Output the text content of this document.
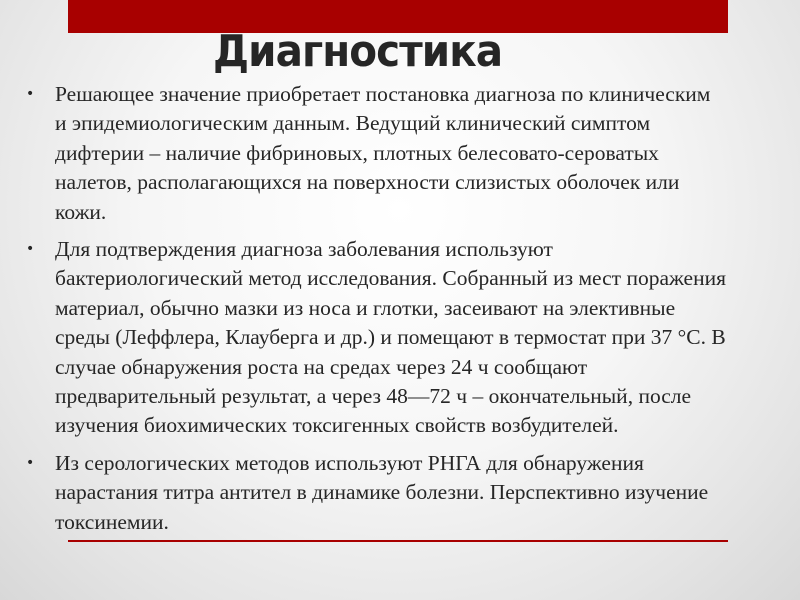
Диагностика
• Решающее значение приобретает постановка диагноза по клиническим и эпидемиологическим данным. Ведущий клинический симптом дифтерии – наличие фибриновых, плотных белесовато-сероватых налетов, располагающихся на поверхности слизистых оболочек или кожи.
• Для подтверждения диагноза заболевания используют бактериологический метод исследования. Собранный из мест поражения материал, обычно мазки из носа и глотки, засеивают на элективные среды (Леффлера, Клауберга и др.) и помещают в термостат при 37 °С. В случае обнаружения роста на средах через 24 ч сообщают предварительный результат, а через 48—72 ч – окончательный, после изучения биохимических токсигенных свойств возбудителей.
• Из серологических методов используют РНГА для обнаружения нарастания титра антител в динамике болезни. Перспективно изучение токсинемии.
